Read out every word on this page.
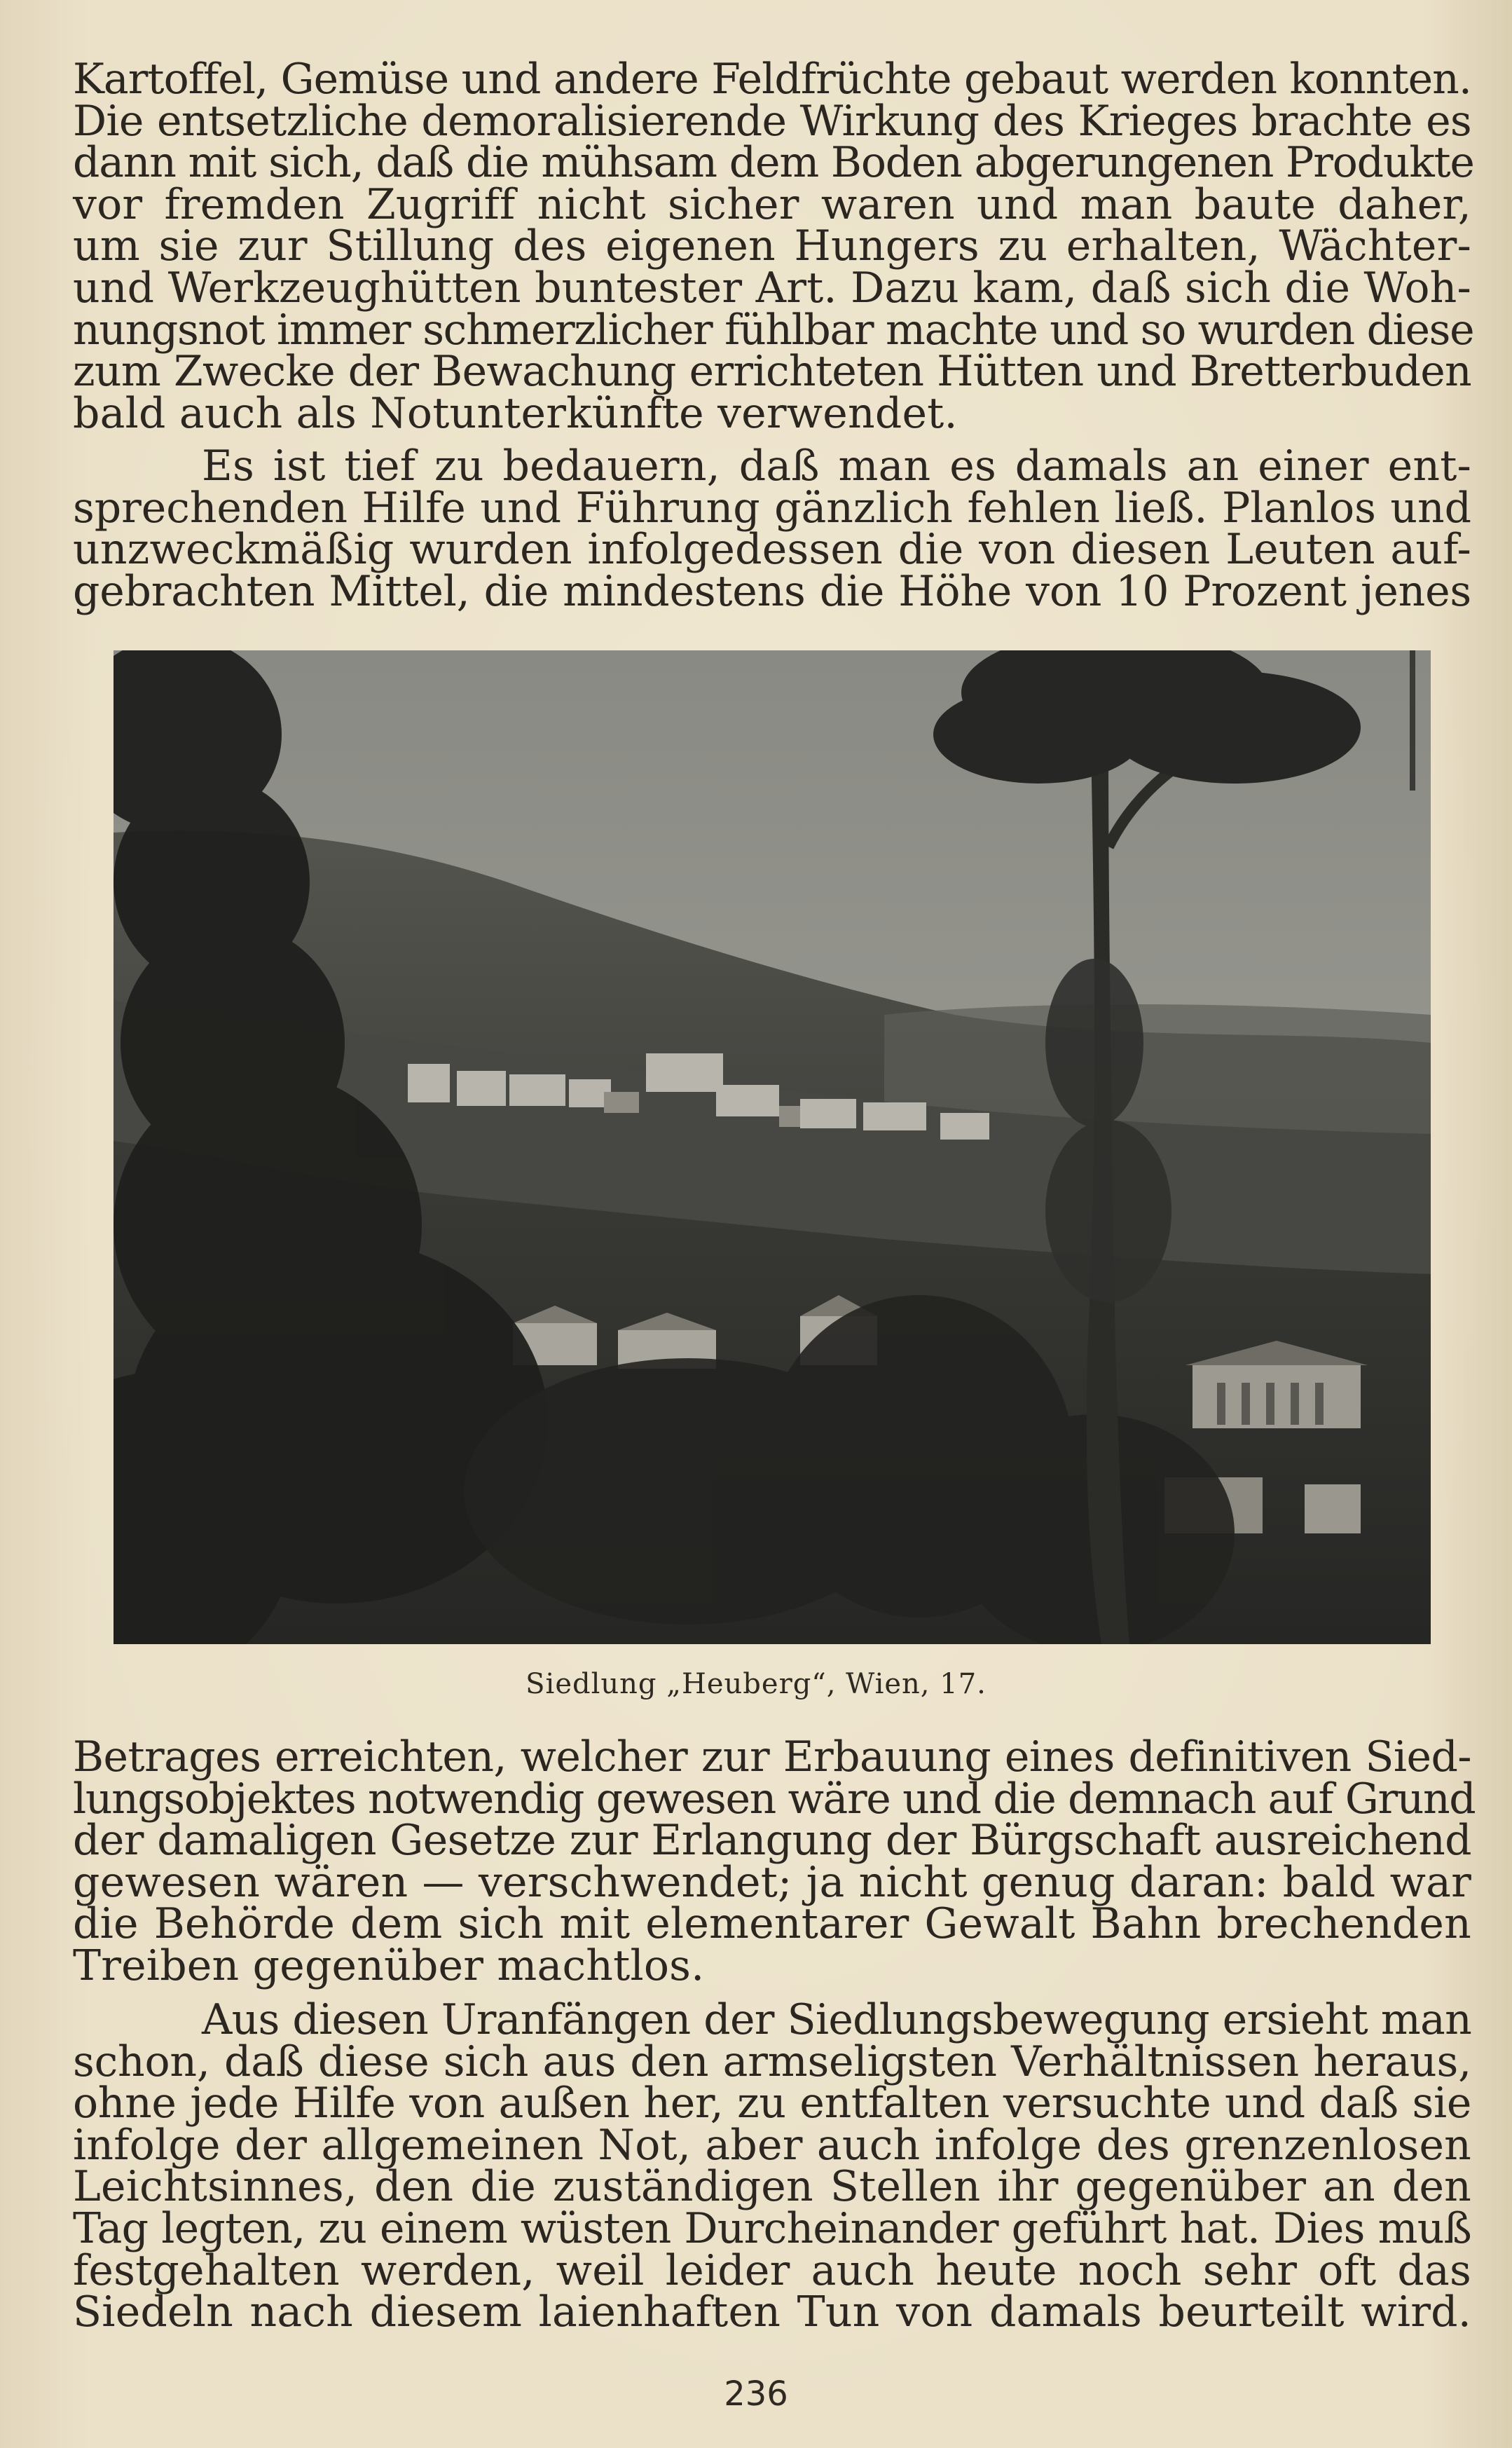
Kartoffel, Gemüse und andere Feldfrüchte gebaut werden konnten.
Die entsetzliche demoralisierende Wirkung des Krieges brachte es
dann mit sich, daß die mühsam dem Boden abgerungenen Produkte
vor fremden Zugriff nicht sicher waren und man baute daher,
um sie zur Stillung des eigenen Hungers zu erhalten, Wächter-
und Werkzeughütten buntester Art. Dazu kam, daß sich die Woh-
nungsnot immer schmerzlicher fühlbar machte und so wurden diese
zum Zwecke der Bewachung errichteten Hütten und Bretterbuden
bald auch als Notunterkünfte verwendet.

Es ist tief zu bedauern, daß man es damals an einer ent-
sprechenden Hilfe und Führung gänzlich fehlen ließ. Planlos und
unzweckmäßig wurden infolgedessen die von diesen Leuten auf-
gebrachten Mittel, die mindestens die Höhe von 10 Prozent jenes

Siedlung „Heuberg“, Wien, 17.

Betrages erreichten, welcher zur Erbauung eines definitiven Sied-
lungsobjektes notwendig gewesen wäre und die demnach auf Grund
der damaligen Gesetze zur Erlangung der Bürgschaft ausreichend
gewesen wären — verschwendet; ja nicht genug daran: bald war
die Behörde dem sich mit elementarer Gewalt Bahn brechenden
Treiben gegenüber machtlos.

Aus diesen Uranfängen der Siedlungsbewegung ersieht man
schon, daß diese sich aus den armseligsten Verhältnissen heraus,
ohne jede Hilfe von außen her, zu entfalten versuchte und daß sie
infolge der allgemeinen Not, aber auch infolge des grenzenlosen
Leichtsinnes, den die zuständigen Stellen ihr gegenüber an den
Tag legten, zu einem wüsten Durcheinander geführt hat. Dies muß
festgehalten werden, weil leider auch heute noch sehr oft das
Siedeln nach diesem laienhaften Tun von damals beurteilt wird.

236
